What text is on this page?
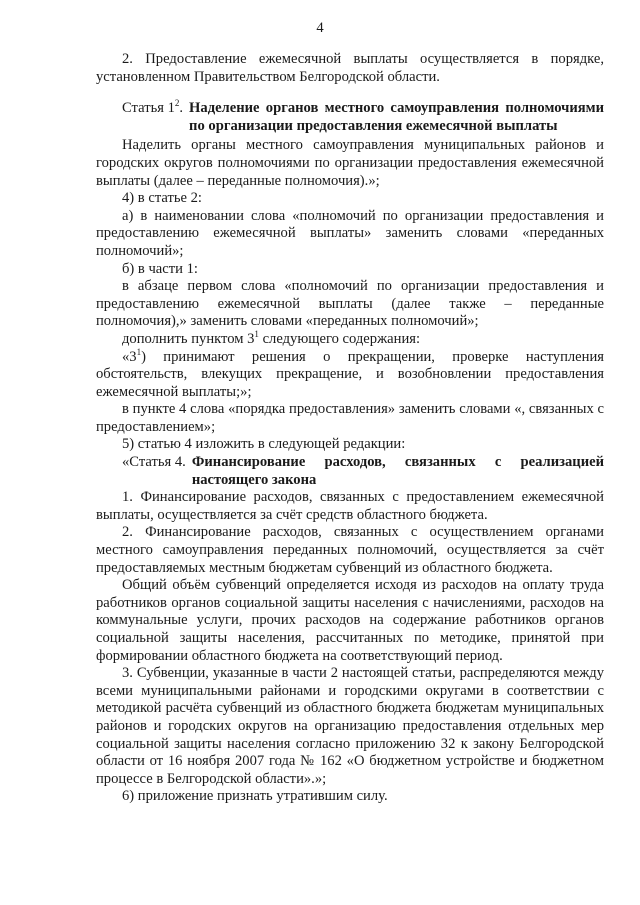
4

2. Предоставление ежемесячной выплаты осуществляется в порядке, установленном Правительством Белгородской области.

Статья $1^2$. Наделение органов местного самоуправления полномочиями по организации предоставления ежемесячной выплаты

Наделить органы местного самоуправления муниципальных районов и городских округов полномочиями по организации предоставления ежемесячной выплаты (далее – переданные полномочия).»;

4) в статье 2:

а) в наименовании слова «полномочий по организации предоставления и предоставлению ежемесячной выплаты» заменить словами «переданных полномочий»;

б) в части 1:

в абзаце первом слова «полномочий по организации предоставления и предоставлению ежемесячной выплаты (далее также – переданные полномочия),» заменить словами «переданных полномочий»;

дополнить пунктом $3^1$ следующего содержания:

«$3^1$) принимают решения о прекращении, проверке наступления обстоятельств, влекущих прекращение, и возобновлении предоставления ежемесячной выплаты;»;

в пункте 4 слова «порядка предоставления» заменить словами «, связанных с предоставлением»;

5) статью 4 изложить в следующей редакции:

«Статья 4. Финансирование расходов, связанных с реализацией настоящего закона

1. Финансирование расходов, связанных с предоставлением ежемесячной выплаты, осуществляется за счёт средств областного бюджета.

2. Финансирование расходов, связанных с осуществлением органами местного самоуправления переданных полномочий, осуществляется за счёт предоставляемых местным бюджетам субвенций из областного бюджета.

Общий объём субвенций определяется исходя из расходов на оплату труда работников органов социальной защиты населения с начислениями, расходов на коммунальные услуги, прочих расходов на содержание работников органов социальной защиты населения, рассчитанных по методике, принятой при формировании областного бюджета на соответствующий период.

3. Субвенции, указанные в части 2 настоящей статьи, распределяются между всеми муниципальными районами и городскими округами в соответствии с методикой расчёта субвенций из областного бюджета бюджетам муниципальных районов и городских округов на организацию предоставления отдельных мер социальной защиты населения согласно приложению 32 к закону Белгородской области от 16 ноября 2007 года № 162 «О бюджетном устройстве и бюджетном процессе в Белгородской области».»;

6) приложение признать утратившим силу.
